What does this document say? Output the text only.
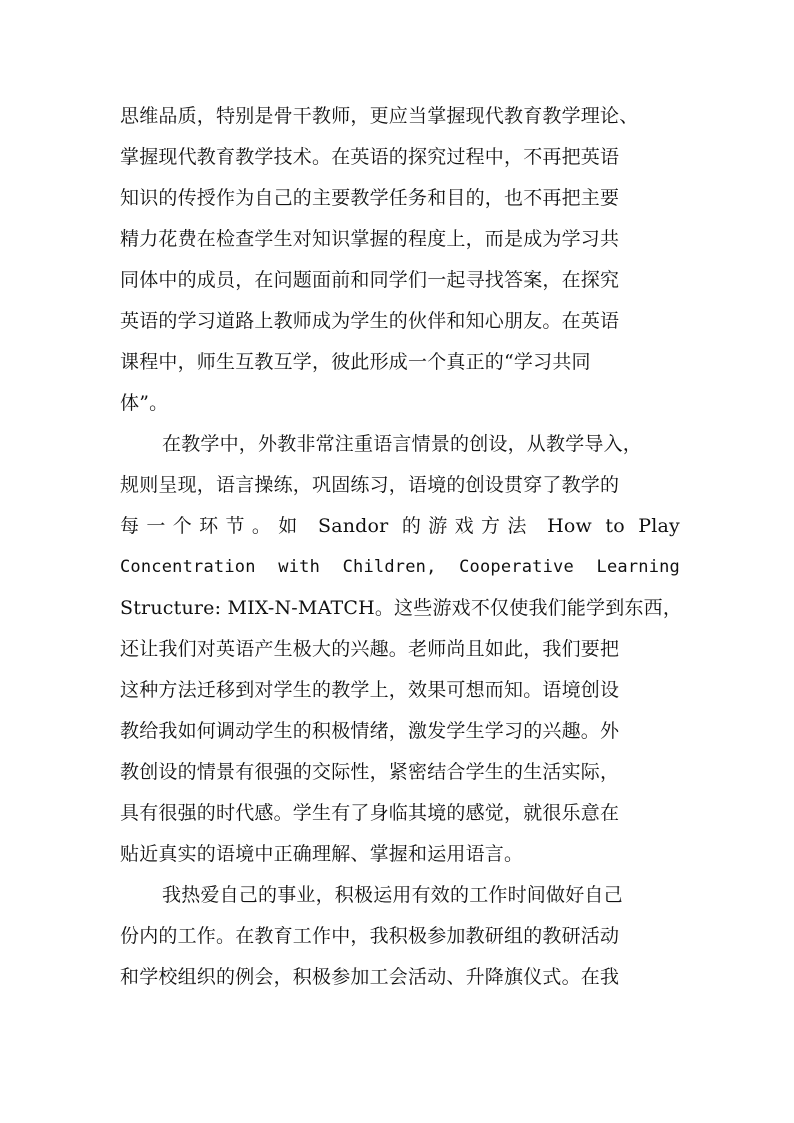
思维品质，特别是骨干教师，更应当掌握现代教育教学理论、
掌握现代教育教学技术。在英语的探究过程中，不再把英语
知识的传授作为自己的主要教学任务和目的，也不再把主要
精力花费在检查学生对知识掌握的程度上，而是成为学习共
同体中的成员，在问题面前和同学们一起寻找答案，在探究
英语的学习道路上教师成为学生的伙伴和知心朋友。在英语
课程中，师生互教互学，彼此形成一个真正的“学习共同
体”。
在教学中，外教非常注重语言情景的创设，从教学导入，
规则呈现，语言操练，巩固练习，语境的创设贯穿了教学的
每一个环节。如 Sandor 的游戏方法 How to Play
Concentration with Children, Cooperative Learning
Structure: MIX-N-MATCH。这些游戏不仅使我们能学到东西，
还让我们对英语产生极大的兴趣。老师尚且如此，我们要把
这种方法迁移到对学生的教学上，效果可想而知。语境创设
教给我如何调动学生的积极情绪，激发学生学习的兴趣。外
教创设的情景有很强的交际性，紧密结合学生的生活实际，
具有很强的时代感。学生有了身临其境的感觉，就很乐意在
贴近真实的语境中正确理解、掌握和运用语言。
我热爱自己的事业，积极运用有效的工作时间做好自己
份内的工作。在教育工作中，我积极参加教研组的教研活动
和学校组织的例会，积极参加工会活动、升降旗仪式。在我
